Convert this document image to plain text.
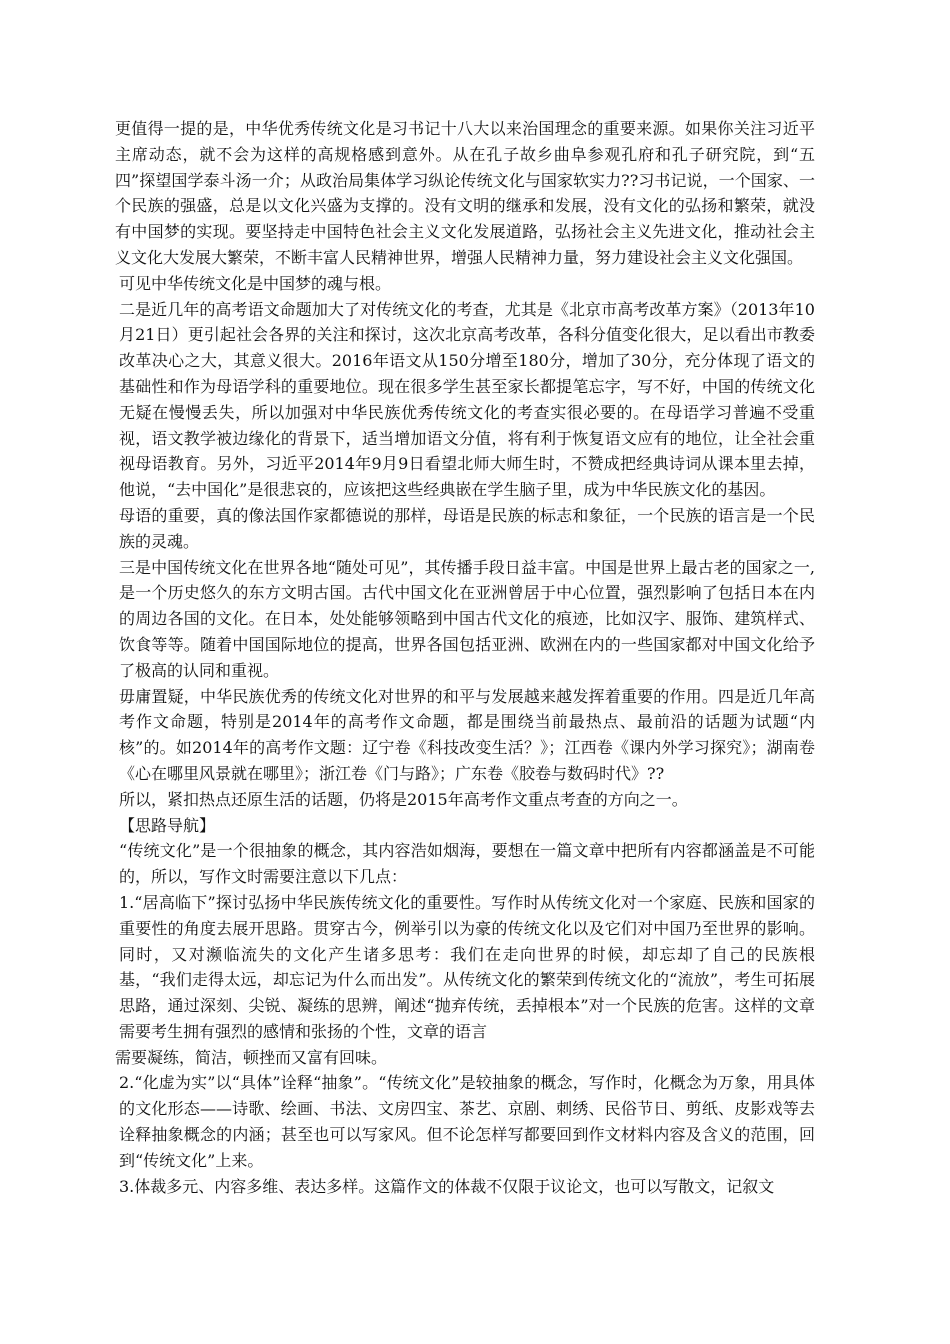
更值得一提的是，中华优秀传统文化是习书记十八大以来治国理念的重要来源。如果你关注习近平主席动态，就不会为这样的高规格感到意外。从在孔子故乡曲阜参观孔府和孔子研究院，到“五四”探望国学泰斗汤一介；从政治局集体学习纵论传统文化与国家软实力??习书记说，一个国家、一个民族的强盛，总是以文化兴盛为支撑的。没有文明的继承和发展，没有文化的弘扬和繁荣，就没有中国梦的实现。要坚持走中国特色社会主义文化发展道路，弘扬社会主义先进文化，推动社会主义文化大发展大繁荣，不断丰富人民精神世界，增强人民精神力量，努力建设社会主义文化强国。

可见中华传统文化是中国梦的魂与根。

二是近几年的高考语文命题加大了对传统文化的考查，尤其是《北京市高考改革方案》（2013年10月21日）更引起社会各界的关注和探讨，这次北京高考改革，各科分值变化很大，足以看出市教委改革决心之大，其意义很大。2016年语文从150分增至180分，增加了30分，充分体现了语文的基础性和作为母语学科的重要地位。现在很多学生甚至家长都提笔忘字，写不好，中国的传统文化无疑在慢慢丢失，所以加强对中华民族优秀传统文化的考查实很必要的。在母语学习普遍不受重视，语文教学被边缘化的背景下，适当增加语文分值，将有利于恢复语文应有的地位，让全社会重视母语教育。另外，习近平2014年9月9日看望北师大师生时，不赞成把经典诗词从课本里去掉，他说，“去中国化”是很悲哀的，应该把这些经典嵌在学生脑子里，成为中华民族文化的基因。

母语的重要，真的像法国作家都德说的那样，母语是民族的标志和象征，一个民族的语言是一个民族的灵魂。

三是中国传统文化在世界各地“随处可见”，其传播手段日益丰富。中国是世界上最古老的国家之一,是一个历史悠久的东方文明古国。古代中国文化在亚洲曾居于中心位置，强烈影响了包括日本在内的周边各国的文化。在日本，处处能够领略到中国古代文化的痕迹，比如汉字、服饰、建筑样式、饮食等等。随着中国国际地位的提高，世界各国包括亚洲、欧洲在内的一些国家都对中国文化给予了极高的认同和重视。

毋庸置疑，中华民族优秀的传统文化对世界的和平与发展越来越发挥着重要的作用。四是近几年高考作文命题，特别是2014年的高考作文命题，都是围绕当前最热点、最前沿的话题为试题“内核”的。如2014年的高考作文题：辽宁卷《科技改变生活？》；江西卷《课内外学习探究》；湖南卷《心在哪里风景就在哪里》；浙江卷《门与路》；广东卷《胶卷与数码时代》??

所以，紧扣热点还原生活的话题，仍将是2015年高考作文重点考查的方向之一。

【思路导航】

“传统文化”是一个很抽象的概念，其内容浩如烟海，要想在一篇文章中把所有内容都涵盖是不可能的，所以，写作文时需要注意以下几点：

1.“居高临下”探讨弘扬中华民族传统文化的重要性。写作时从传统文化对一个家庭、民族和国家的重要性的角度去展开思路。贯穿古今，例举引以为豪的传统文化以及它们对中国乃至世界的影响。同时，又对濒临流失的文化产生诸多思考：我们在走向世界的时候，却忘却了自己的民族根基，“我们走得太远，却忘记为什么而出发”。从传统文化的繁荣到传统文化的“流放”，考生可拓展思路，通过深刻、尖锐、凝练的思辨，阐述“抛弃传统，丢掉根本”对一个民族的危害。这样的文章需要考生拥有强烈的感情和张扬的个性，文章的语言

需要凝练，简洁，顿挫而又富有回味。

2.“化虚为实”以“具体”诠释“抽象”。“传统文化”是较抽象的概念，写作时，化概念为万象，用具体的文化形态——诗歌、绘画、书法、文房四宝、茶艺、京剧、刺绣、民俗节日、剪纸、皮影戏等去诠释抽象概念的内涵；甚至也可以写家风。但不论怎样写都要回到作文材料内容及含义的范围，回到“传统文化”上来。

3.体裁多元、内容多维、表达多样。这篇作文的体裁不仅限于议论文，也可以写散文，记叙文
